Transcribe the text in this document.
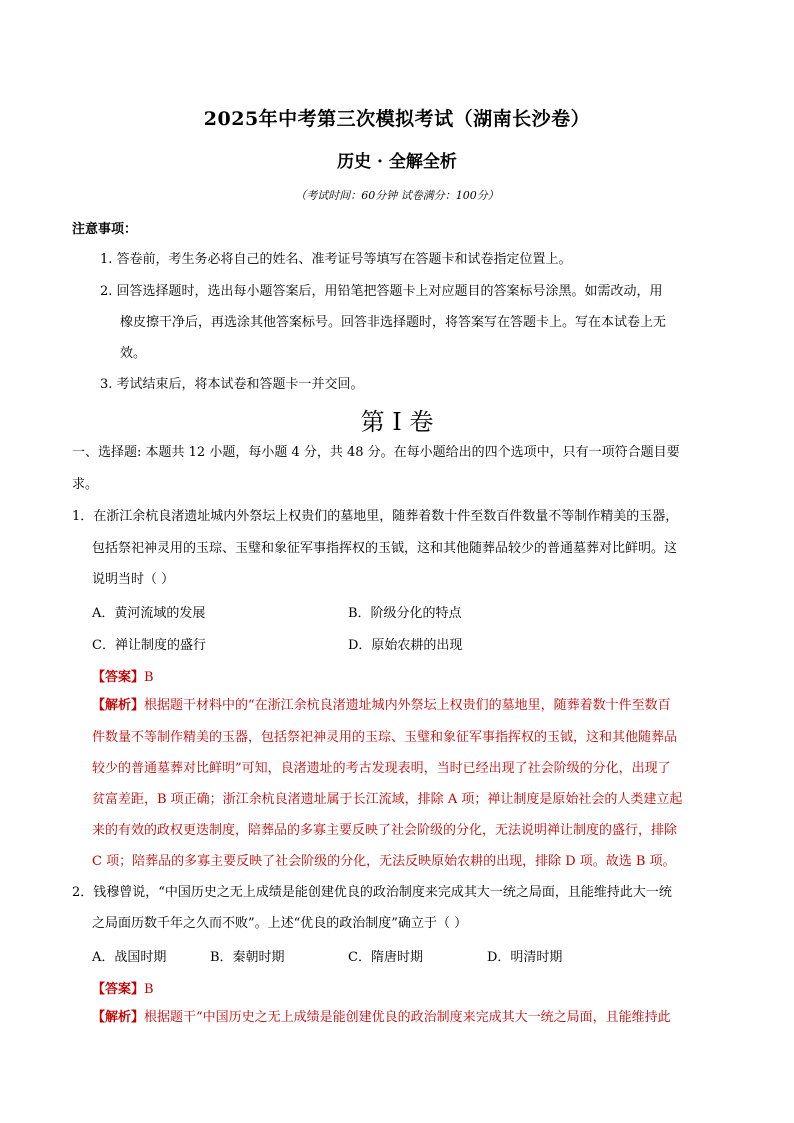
2025年中考第三次模拟考试（湖南长沙卷）
历史 · 全解全析
（考试时间：60分钟 试卷满分：100分）
注意事项：
1. 答卷前，考生务必将自己的姓名、准考证号等填写在答题卡和试卷指定位置上。
2. 回答选择题时，选出每小题答案后，用铅笔把答题卡上对应题目的答案标号涂黑。如需改动，用
橡皮擦干净后，再选涂其他答案标号。回答非选择题时，将答案写在答题卡上。写在本试卷上无
效。
3. 考试结束后，将本试卷和答题卡一并交回。
第 I 卷
一、选择题: 本题共 12 小题，每小题 4 分，共 48 分。在每小题给出的四个选项中，只有一项符合题目要
求。
1．在浙江余杭良渚遗址城内外祭坛上权贵们的墓地里，随葬着数十件至数百件数量不等制作精美的玉器，
包括祭祀神灵用的玉琮、玉璧和象征军事指挥权的玉钺，这和其他随葬品较少的普通墓葬对比鲜明。这
说明当时（ ）
A．黄河流域的发展	B．阶级分化的特点
C．禅让制度的盛行	D．原始农耕的出现
【答案】B
【解析】根据题干材料中的“在浙江余杭良渚遗址城内外祭坛上权贵们的墓地里，随葬着数十件至数百
件数量不等制作精美的玉器，包括祭祀神灵用的玉琮、玉璧和象征军事指挥权的玉钺，这和其他随葬品
较少的普通墓葬对比鲜明”可知，良渚遗址的考古发现表明，当时已经出现了社会阶级的分化，出现了
贫富差距，B 项正确；浙江余杭良渚遗址属于长江流域，排除 A 项；禅让制度是原始社会的人类建立起
来的有效的政权更迭制度，陪葬品的多寡主要反映了社会阶级的分化，无法说明禅让制度的盛行，排除
C 项；陪葬品的多寡主要反映了社会阶级的分化，无法反映原始农耕的出现，排除 D 项。故选 B 项。
2．钱穆曾说，“中国历史之无上成绩是能创建优良的政治制度来完成其大一统之局面，且能维持此大一统
之局面历数千年之久而不败”。上述“优良的政治制度”确立于（ ）
A．战国时期	B．秦朝时期	C．隋唐时期	D．明清时期
【答案】B
【解析】根据题干“中国历史之无上成绩是能创建优良的政治制度来完成其大一统之局面，且能维持此
